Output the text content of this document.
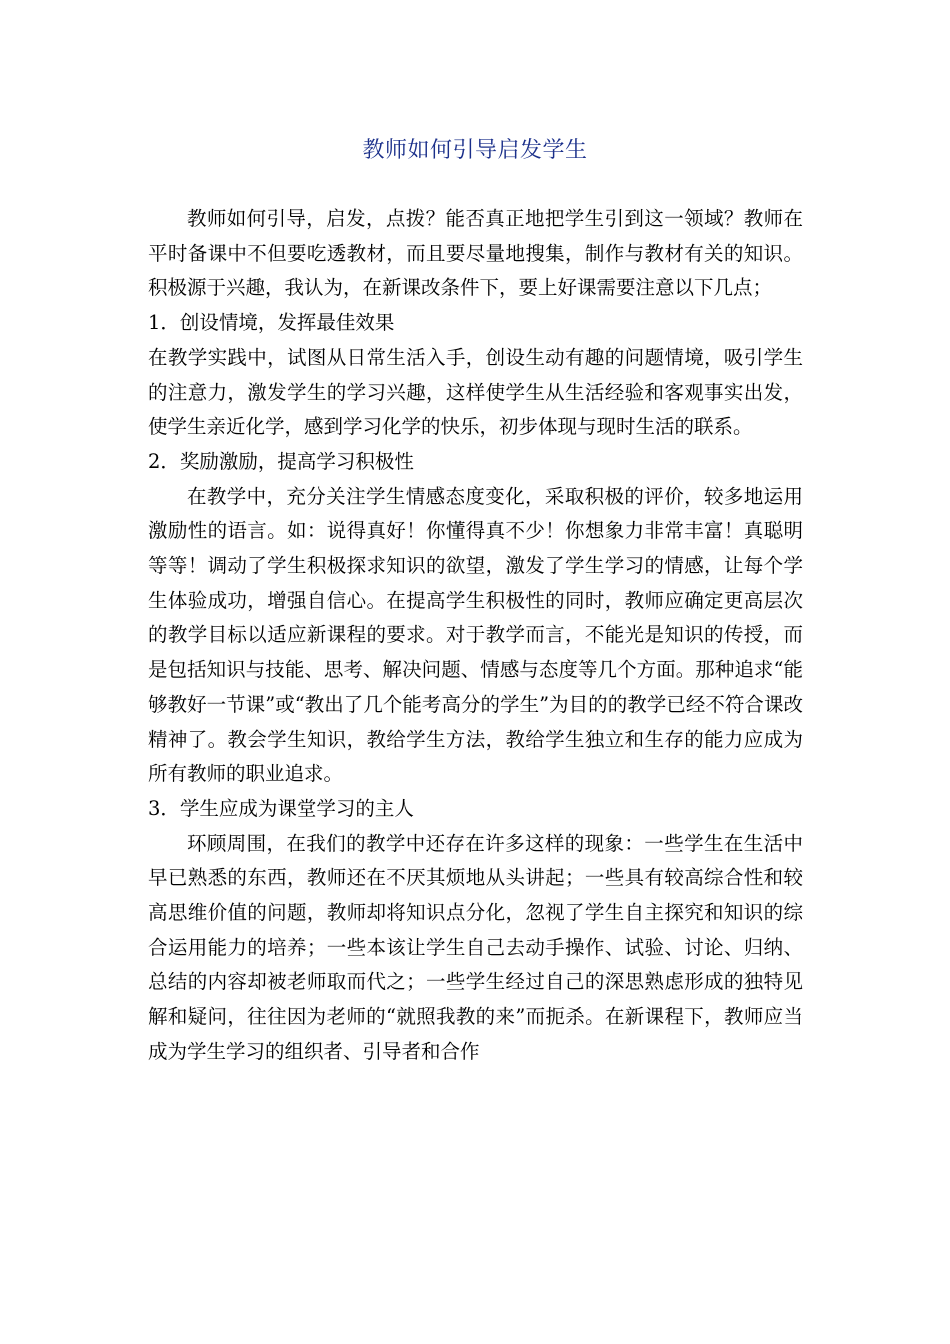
教师如何引导启发学生

教师如何引导，启发，点拨？能否真正地把学生引到这一领域？教师在平时备课中不但要吃透教材，而且要尽量地搜集，制作与教材有关的知识。积极源于兴趣，我认为，在新课改条件下，要上好课需要注意以下几点；

1．创设情境，发挥最佳效果

在教学实践中，试图从日常生活入手，创设生动有趣的问题情境，吸引学生的注意力，激发学生的学习兴趣，这样使学生从生活经验和客观事实出发，使学生亲近化学，感到学习化学的快乐，初步体现与现时生活的联系。

2．奖励激励，提高学习积极性

在教学中，充分关注学生情感态度变化，采取积极的评价，较多地运用激励性的语言。如：说得真好！你懂得真不少！你想象力非常丰富！真聪明等等！调动了学生积极探求知识的欲望，激发了学生学习的情感，让每个学生体验成功，增强自信心。在提高学生积极性的同时，教师应确定更高层次的教学目标以适应新课程的要求。对于教学而言，不能光是知识的传授，而是包括知识与技能、思考、解决问题、情感与态度等几个方面。那种追求“能够教好一节课”或“教出了几个能考高分的学生”为目的的教学已经不符合课改精神了。教会学生知识，教给学生方法，教给学生独立和生存的能力应成为所有教师的职业追求。

3．学生应成为课堂学习的主人

环顾周围，在我们的教学中还存在许多这样的现象：一些学生在生活中早已熟悉的东西，教师还在不厌其烦地从头讲起；一些具有较高综合性和较高思维价值的问题，教师却将知识点分化，忽视了学生自主探究和知识的综合运用能力的培养；一些本该让学生自己去动手操作、试验、讨论、归纳、总结的内容却被老师取而代之；一些学生经过自己的深思熟虑形成的独特见解和疑问，往往因为老师的“就照我教的来”而扼杀。在新课程下，教师应当成为学生学习的组织者、引导者和合作
